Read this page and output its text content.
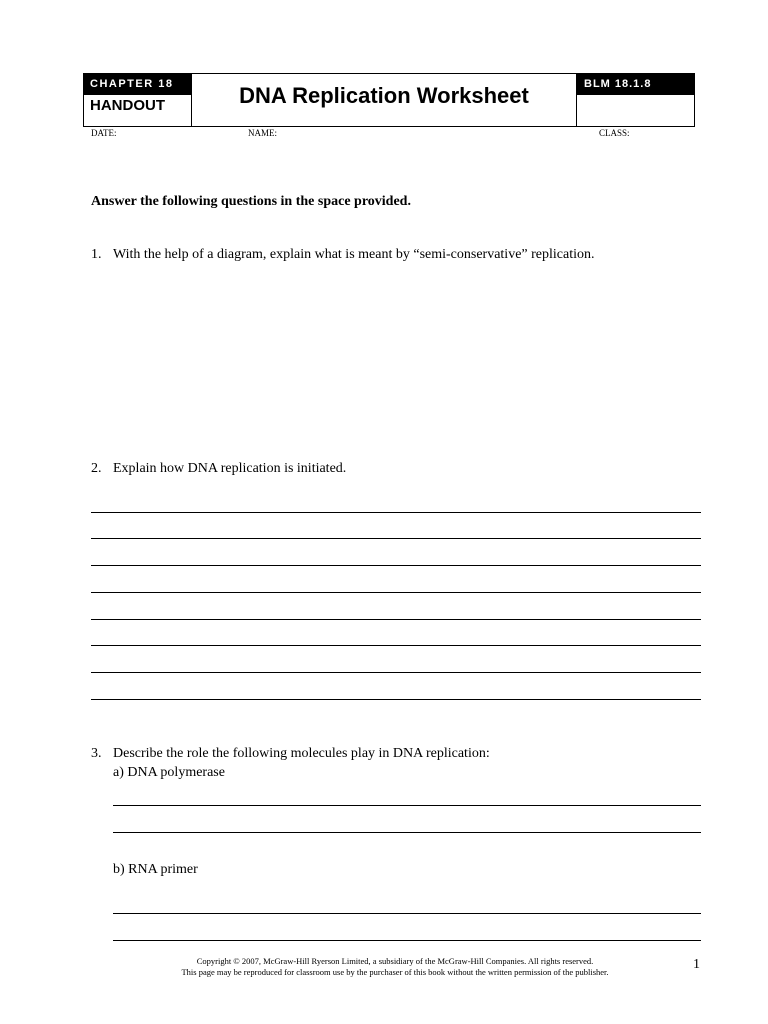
CHAPTER 18
HANDOUT	DNA Replication Worksheet	BLM 18.1.8
DATE:	NAME:	CLASS:
Answer the following questions in the space provided.
1. With the help of a diagram, explain what is meant by “semi-conservative” replication.
2. Explain how DNA replication is initiated.
3. Describe the role the following molecules play in DNA replication:
a) DNA polymerase
b) RNA primer
Copyright © 2007, McGraw-Hill Ryerson Limited, a subsidiary of the McGraw-Hill Companies. All rights reserved.
This page may be reproduced for classroom use by the purchaser of this book without the written permission of the publisher.	1
